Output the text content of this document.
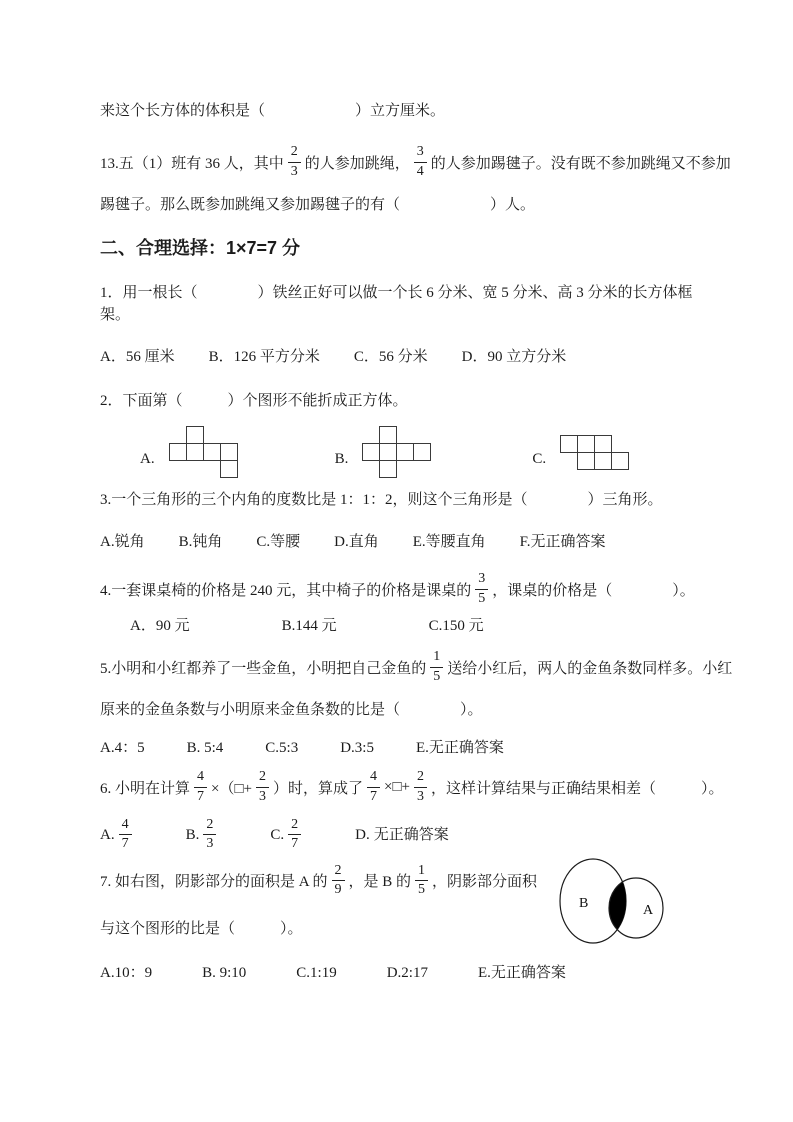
来这个长方体的体积是（　　　　　　）立方厘米。
13.五（1）班有 36 人，其中 $\frac{2}{3}$ 的人参加跳绳， $\frac{3}{4}$ 的人参加踢毽子。没有既不参加跳绳又不参加
踢毽子。那么既参加跳绳又参加踢毽子的有（　　　　　　）人。
二、合理选择：1×7=7 分
1．用一根长（　　　　）铁丝正好可以做一个长 6 分米、宽 5 分米、高 3 分米的长方体框架。
A．56 厘米 B．126 平方分米 C．56 分米 D．90 立方分米
2．下面第（　　　）个图形不能折成正方体。
A.	B.	C.
3.一个三角形的三个内角的度数比是 1：1：2，则这个三角形是（　　　　）三角形。
A.锐角 B.钝角 C.等腰 D.直角 E.等腰直角 F.无正确答案
4.一套课桌椅的价格是 240 元，其中椅子的价格是课桌的 $\frac{3}{5}$ ，课桌的价格是（　　　　）。
A．90 元	B.144 元	C.150 元
5.小明和小红都养了一些金鱼，小明把自己金鱼的 $\frac{1}{5}$ 送给小红后，两人的金鱼条数同样多。小红
原来的金鱼条数与小明原来金鱼条数的比是（　　　　）。
A.4：5	B. 5:4	C.5:3	D.3:5	E.无正确答案
6. 小明在计算 $\frac{4}{7}$ ×（□+ $\frac{2}{3}$ ）时，算成了 $\frac{4}{7}$ ×□+ $\frac{2}{3}$ ，这样计算结果与正确结果相差（　　　）。
A. $\frac{4}{7}$	B. $\frac{2}{3}$	C. $\frac{2}{7}$	D. 无正确答案
B	A
7. 如右图，阴影部分的面积是 A 的 $\frac{2}{9}$ ，是 B 的 $\frac{1}{5}$ ，阴影部分面积
与这个图形的比是（　　　）。
A.10：9	B. 9:10	C.1:19	D.2:17	E.无正确答案
